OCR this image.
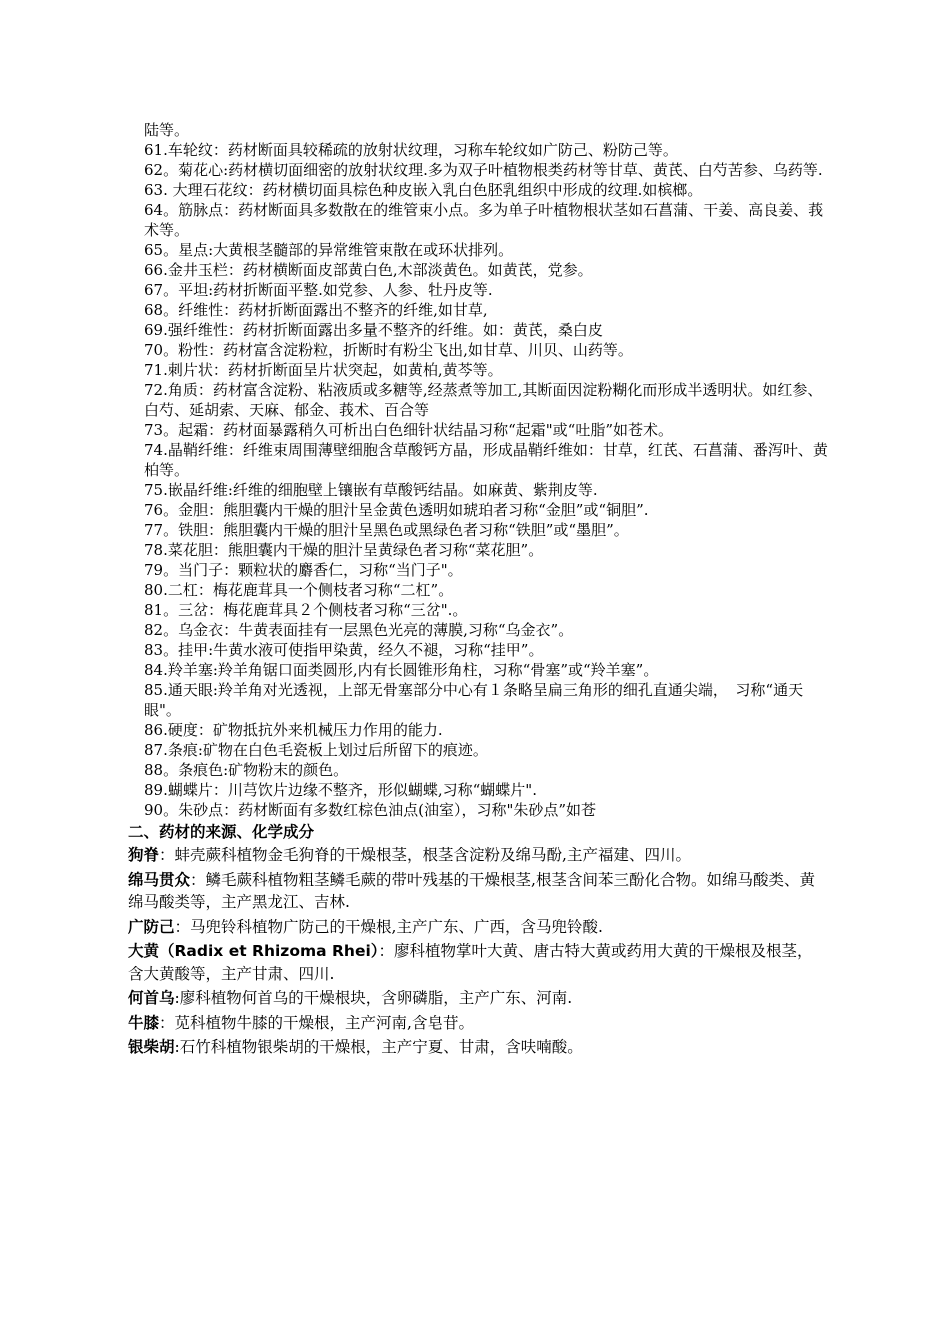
陆等。

61.车轮纹：药材断面具较稀疏的放射状纹理，习称车轮纹如广防己、粉防己等。

62。菊花心:药材横切面细密的放射状纹理.多为双子叶植物根类药材等甘草、黄芪、白芍苦参、乌药等.

63. 大理石花纹：药材横切面具棕色种皮嵌入乳白色胚乳组织中形成的纹理.如槟榔。

64。筋脉点：药材断面具多数散在的维管束小点。多为单子叶植物根状茎如石菖蒲、干姜、高良姜、莪术等。

65。星点:大黄根茎髓部的异常维管束散在或环状排列。

66.金井玉栏：药材横断面皮部黄白色,木部淡黄色。如黄芪，党参。

67。平坦:药材折断面平整.如党参、人参、牡丹皮等.

68。纤维性：药材折断面露出不整齐的纤维,如甘草,

69.强纤维性：药材折断面露出多量不整齐的纤维。如：黄芪，桑白皮

70。粉性：药材富含淀粉粒，折断时有粉尘飞出,如甘草、川贝、山药等。

71.刺片状：药材折断面呈片状突起，如黄柏,黄芩等。

72.角质：药材富含淀粉、粘液质或多糖等,经蒸煮等加工,其断面因淀粉糊化而形成半透明状。如红参、白芍、延胡索、天麻、郁金、莪术、百合等

73。起霜：药材面暴露稍久可析出白色细针状结晶习称“起霜"或“吐脂”如苍术。

74.晶鞘纤维：纤维束周围薄壁细胞含草酸钙方晶，形成晶鞘纤维如：甘草，红芪、石菖蒲、番泻叶、黄柏等。

75.嵌晶纤维:纤维的细胞壁上镶嵌有草酸钙结晶。如麻黄、紫荆皮等.

76。金胆：熊胆囊内干燥的胆汁呈金黄色透明如琥珀者习称“金胆”或“铜胆”.

77。铁胆：熊胆囊内干燥的胆汁呈黑色或黑绿色者习称“铁胆”或“墨胆”。

78.菜花胆：熊胆囊内干燥的胆汁呈黄绿色者习称“菜花胆”。

79。当门子：颗粒状的麝香仁，习称“当门子"。

80.二杠：梅花鹿茸具一个侧枝者习称“二杠”。

81。三岔：梅花鹿茸具２个侧枝者习称“三岔".。

82。乌金衣：牛黄表面挂有一层黑色光亮的薄膜,习称“乌金衣”。

83。挂甲:牛黄水液可使指甲染黄，经久不褪，习称“挂甲”。

84.羚羊塞:羚羊角锯口面类圆形,内有长圆锥形角柱，习称“骨塞”或“羚羊塞”。

85.通天眼:羚羊角对光透视，上部无骨塞部分中心有１条略呈扁三角形的细孔直通尖端，　习称“通天眼"。

86.硬度：矿物抵抗外来机械压力作用的能力.

87.条痕:矿物在白色毛瓷板上划过后所留下的痕迹。

88。条痕色:矿物粉末的颜色。

89.蝴蝶片：川芎饮片边缘不整齐，形似蝴蝶,习称“蝴蝶片".

90。朱砂点：药材断面有多数红棕色油点(油室），习称"朱砂点”如苍

二、药材的来源、化学成分

狗脊：蚌壳蕨科植物金毛狗脊的干燥根茎，根茎含淀粉及绵马酚,主产福建、四川。

绵马贯众：鳞毛蕨科植物粗茎鳞毛蕨的带叶残基的干燥根茎,根茎含间苯三酚化合物。如绵马酸类、黄绵马酸类等，主产黑龙江、吉林.

广防己：马兜铃科植物广防己的干燥根,主产广东、广西，含马兜铃酸.

大黄（Radix et Rhizoma Rhei）：廖科植物掌叶大黄、唐古特大黄或药用大黄的干燥根及根茎，含大黄酸等，主产甘肃、四川.

何首乌:廖科植物何首乌的干燥根块，含卵磷脂，主产广东、河南.

牛膝：苋科植物牛膝的干燥根，主产河南,含皂苷。

银柴胡:石竹科植物银柴胡的干燥根，主产宁夏、甘肃，含呋喃酸。
